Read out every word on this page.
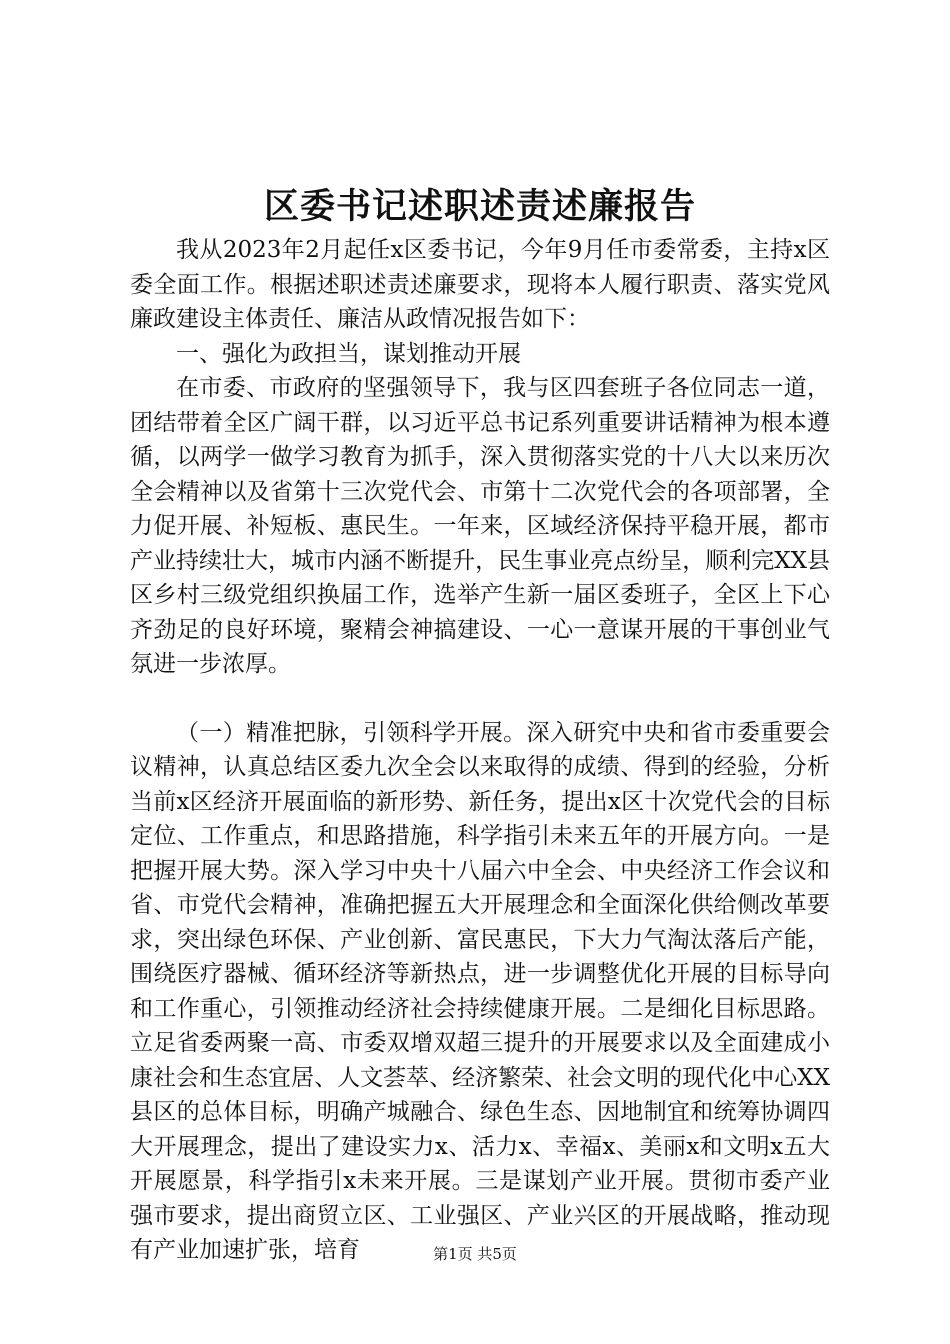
区委书记述职述责述廉报告

我从2023年2月起任x区委书记，今年9月任市委常委，主持x区委全面工作。根据述职述责述廉要求，现将本人履行职责、落实党风廉政建设主体责任、廉洁从政情况报告如下：

一、强化为政担当，谋划推动开展

在市委、市政府的坚强领导下，我与区四套班子各位同志一道，团结带着全区广阔干群，以习近平总书记系列重要讲话精神为根本遵循，以两学一做学习教育为抓手，深入贯彻落实党的十八大以来历次全会精神以及省第十三次党代会、市第十二次党代会的各项部署，全力促开展、补短板、惠民生。一年来，区域经济保持平稳开展，都市产业持续壮大，城市内涵不断提升，民生事业亮点纷呈，顺利完XX县区乡村三级党组织换届工作，选举产生新一届区委班子，全区上下心齐劲足的良好环境，聚精会神搞建设、一心一意谋开展的干事创业气氛进一步浓厚。

（一）精准把脉，引领科学开展。深入研究中央和省市委重要会议精神，认真总结区委九次全会以来取得的成绩、得到的经验，分析当前x区经济开展面临的新形势、新任务，提出x区十次党代会的目标定位、工作重点，和思路措施，科学指引未来五年的开展方向。一是把握开展大势。深入学习中央十八届六中全会、中央经济工作会议和省、市党代会精神，准确把握五大开展理念和全面深化供给侧改革要求，突出绿色环保、产业创新、富民惠民，下大力气淘汰落后产能，围绕医疗器械、循环经济等新热点，进一步调整优化开展的目标导向和工作重心，引领推动经济社会持续健康开展。二是细化目标思路。立足省委两聚一高、市委双增双超三提升的开展要求以及全面建成小康社会和生态宜居、人文荟萃、经济繁荣、社会文明的现代化中心XX县区的总体目标，明确产城融合、绿色生态、因地制宜和统筹协调四大开展理念，提出了建设实力x、活力x、幸福x、美丽x和文明x五大开展愿景，科学指引x未来开展。三是谋划产业开展。贯彻市委产业强市要求，提出商贸立区、工业强区、产业兴区的开展战略，推动现有产业加速扩张，培育	第1页 共5页
